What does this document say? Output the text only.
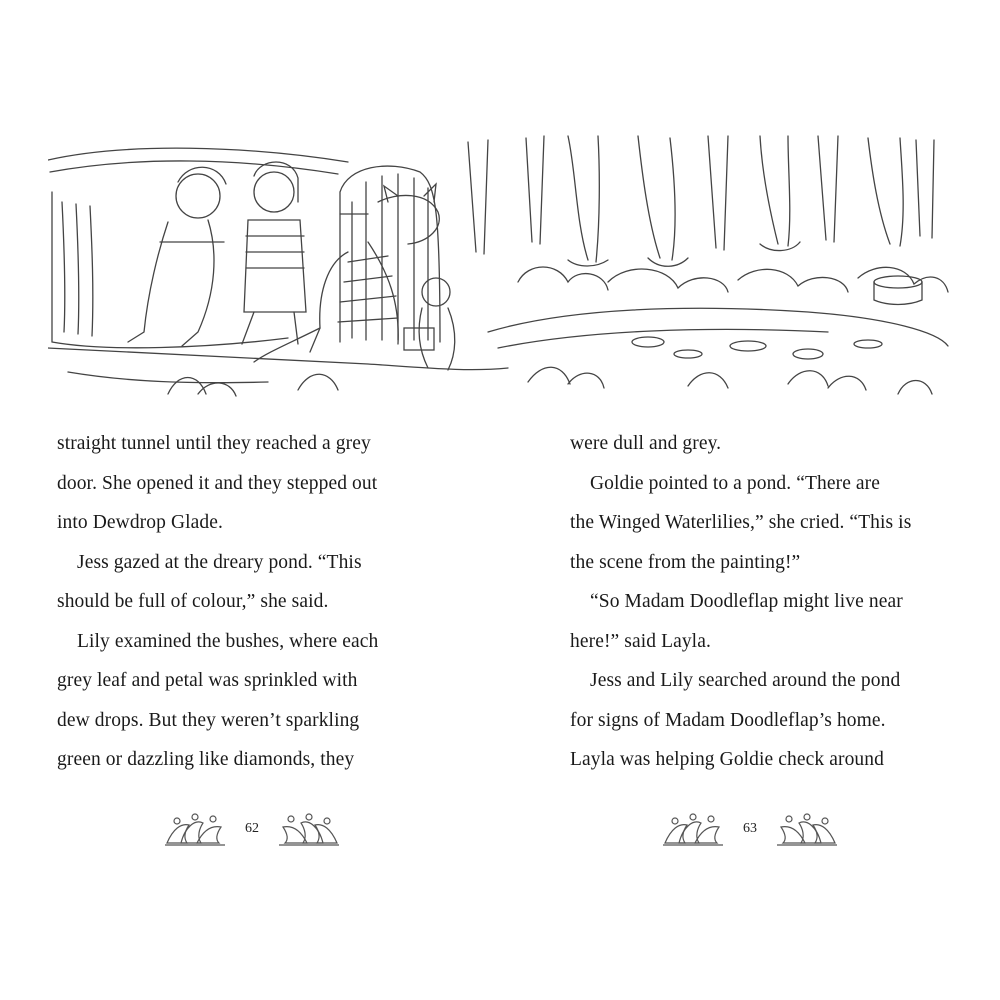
straight tunnel until they reached a grey
door. She opened it and they stepped out
into Dewdrop Glade.
Jess gazed at the dreary pond. “This
should be full of colour,” she said.
Lily examined the bushes, where each
grey leaf and petal was sprinkled with
dew drops. But they weren’t sparkling
green or dazzling like diamonds, they
were dull and grey.
Goldie pointed to a pond. “There are
the Winged Waterlilies,” she cried. “This is
the scene from the painting!”
“So Madam Doodleflap might live near
here!” said Layla.
Jess and Lily searched around the pond
for signs of Madam Doodleflap’s home.
Layla was helping Goldie check around
62	63
